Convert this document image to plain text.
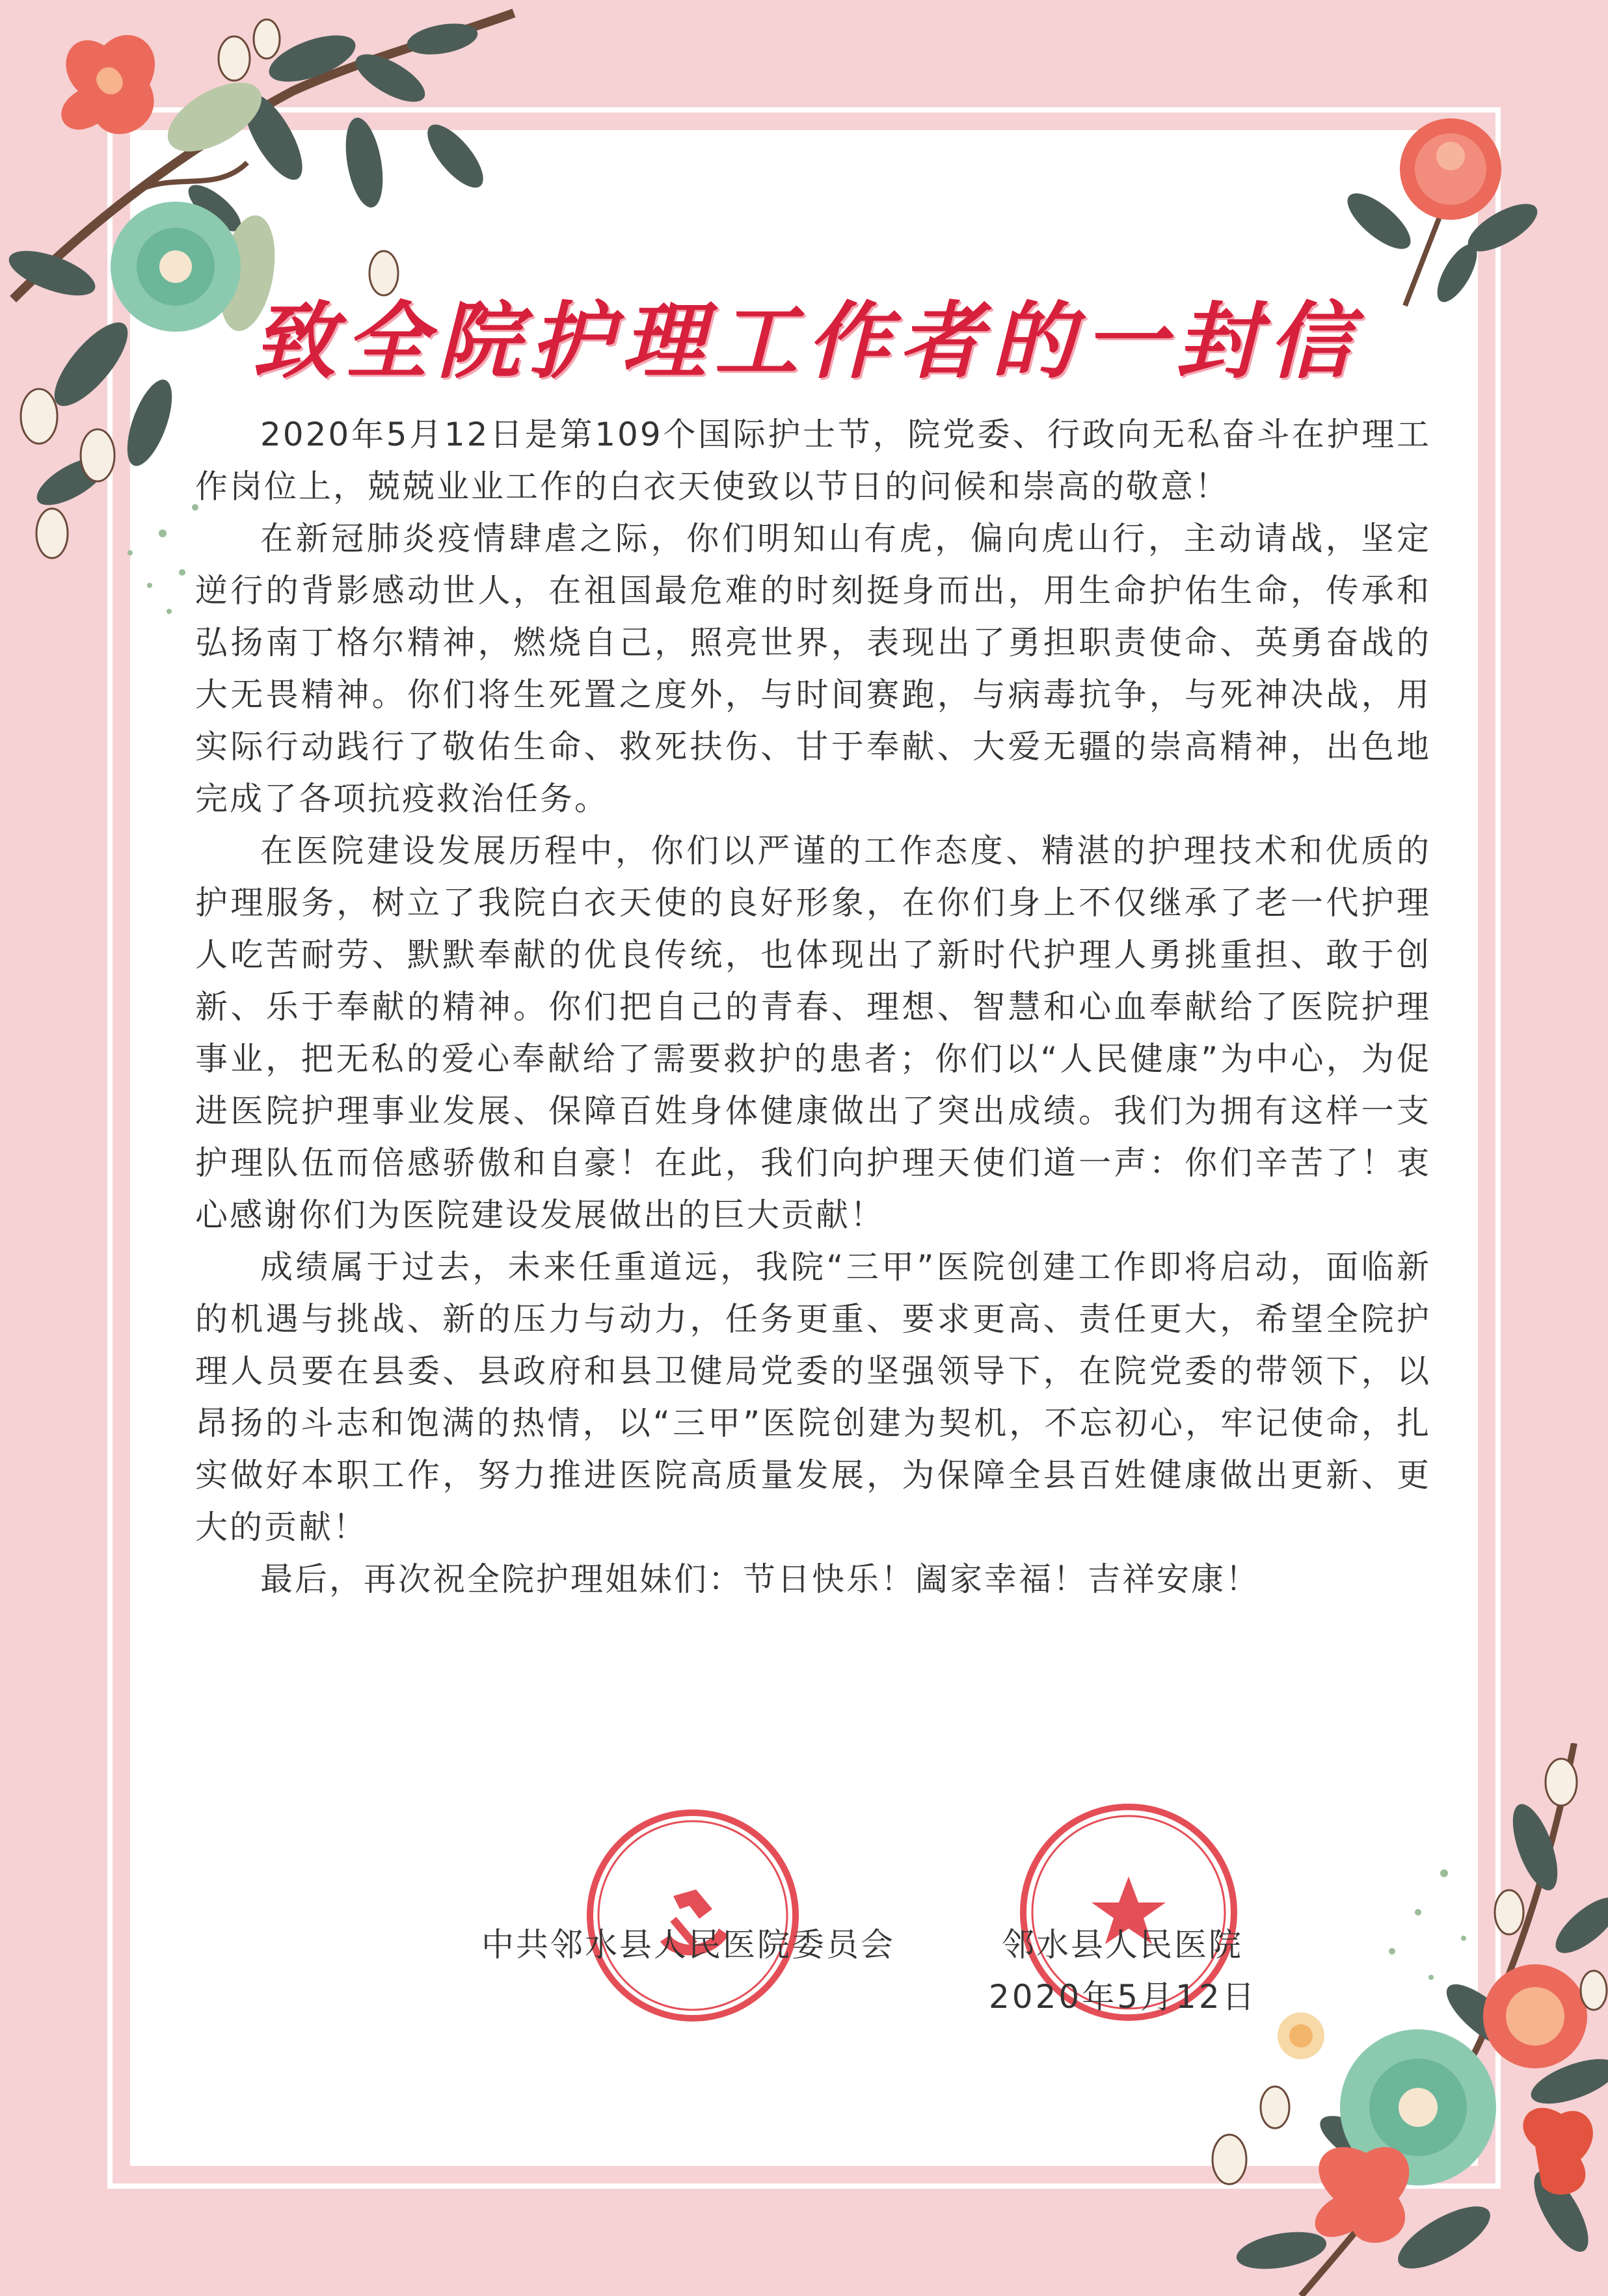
致全院护理工作者的一封信

2020年5月12日是第109个国际护士节，院党委、行政向无私奋斗在护理工作岗位上，兢兢业业工作的白衣天使致以节日的问候和崇高的敬意！

在新冠肺炎疫情肆虐之际，你们明知山有虎，偏向虎山行，主动请战，坚定逆行的背影感动世人，在祖国最危难的时刻挺身而出，用生命护佑生命，传承和弘扬南丁格尔精神，燃烧自己，照亮世界，表现出了勇担职责使命、英勇奋战的大无畏精神。你们将生死置之度外，与时间赛跑，与病毒抗争，与死神决战，用实际行动践行了敬佑生命、救死扶伤、甘于奉献、大爱无疆的崇高精神，出色地完成了各项抗疫救治任务。

在医院建设发展历程中，你们以严谨的工作态度、精湛的护理技术和优质的护理服务，树立了我院白衣天使的良好形象，在你们身上不仅继承了老一代护理人吃苦耐劳、默默奉献的优良传统，也体现出了新时代护理人勇挑重担、敢于创新、乐于奉献的精神。你们把自己的青春、理想、智慧和心血奉献给了医院护理事业，把无私的爱心奉献给了需要救护的患者；你们以“人民健康”为中心，为促进医院护理事业发展、保障百姓身体健康做出了突出成绩。我们为拥有这样一支护理队伍而倍感骄傲和自豪！在此，我们向护理天使们道一声：你们辛苦了！衷心感谢你们为医院建设发展做出的巨大贡献！

成绩属于过去，未来任重道远，我院“三甲”医院创建工作即将启动，面临新的机遇与挑战、新的压力与动力，任务更重、要求更高、责任更大，希望全院护理人员要在县委、县政府和县卫健局党委的坚强领导下，在院党委的带领下，以昂扬的斗志和饱满的热情，以“三甲”医院创建为契机，不忘初心，牢记使命，扎实做好本职工作，努力推进医院高质量发展，为保障全县百姓健康做出更新、更大的贡献！

最后，再次祝全院护理姐妹们：节日快乐！阖家幸福！吉祥安康！

中共邻水县人民医院委员会	邻水县人民医院
2020年5月12日
